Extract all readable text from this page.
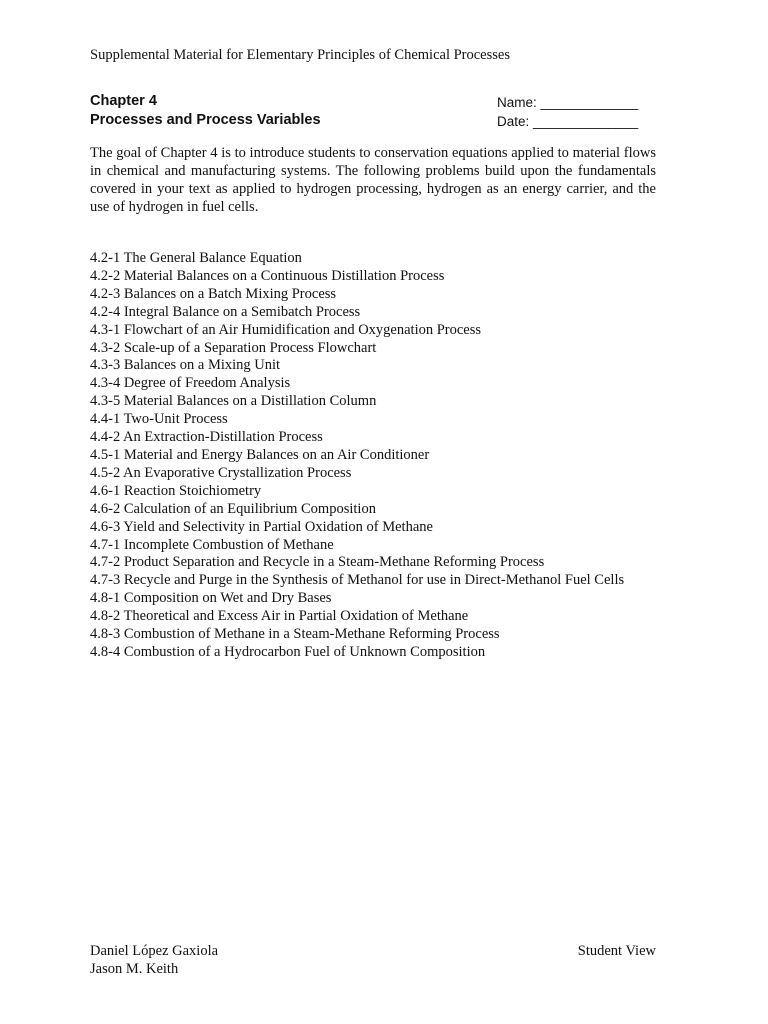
Supplemental Material for Elementary Principles of Chemical Processes
Chapter 4
Processes and Process Variables
Name: _____________
Date: ______________

The goal of Chapter 4 is to introduce students to conservation equations applied to material flows in chemical and manufacturing systems. The following problems build upon the fundamentals covered in your text as applied to hydrogen processing, hydrogen as an energy carrier, and the use of hydrogen in fuel cells.

4.2-1 The General Balance Equation
4.2-2 Material Balances on a Continuous Distillation Process
4.2-3 Balances on a Batch Mixing Process
4.2-4 Integral Balance on a Semibatch Process
4.3-1 Flowchart of an Air Humidification and Oxygenation Process
4.3-2 Scale-up of a Separation Process Flowchart
4.3-3 Balances on a Mixing Unit
4.3-4 Degree of Freedom Analysis
4.3-5 Material Balances on a Distillation Column
4.4-1 Two-Unit Process
4.4-2 An Extraction-Distillation Process
4.5-1 Material and Energy Balances on an Air Conditioner
4.5-2 An Evaporative Crystallization Process
4.6-1 Reaction Stoichiometry
4.6-2 Calculation of an Equilibrium Composition
4.6-3 Yield and Selectivity in Partial Oxidation of Methane
4.7-1 Incomplete Combustion of Methane
4.7-2 Product Separation and Recycle in a Steam-Methane Reforming Process
4.7-3 Recycle and Purge in the Synthesis of Methanol for use in Direct-Methanol Fuel Cells
4.8-1 Composition on Wet and Dry Bases
4.8-2 Theoretical and Excess Air in Partial Oxidation of Methane
4.8-3 Combustion of Methane in a Steam-Methane Reforming Process
4.8-4 Combustion of a Hydrocarbon Fuel of Unknown Composition
Daniel López Gaxiola
Jason M. Keith
Student View
